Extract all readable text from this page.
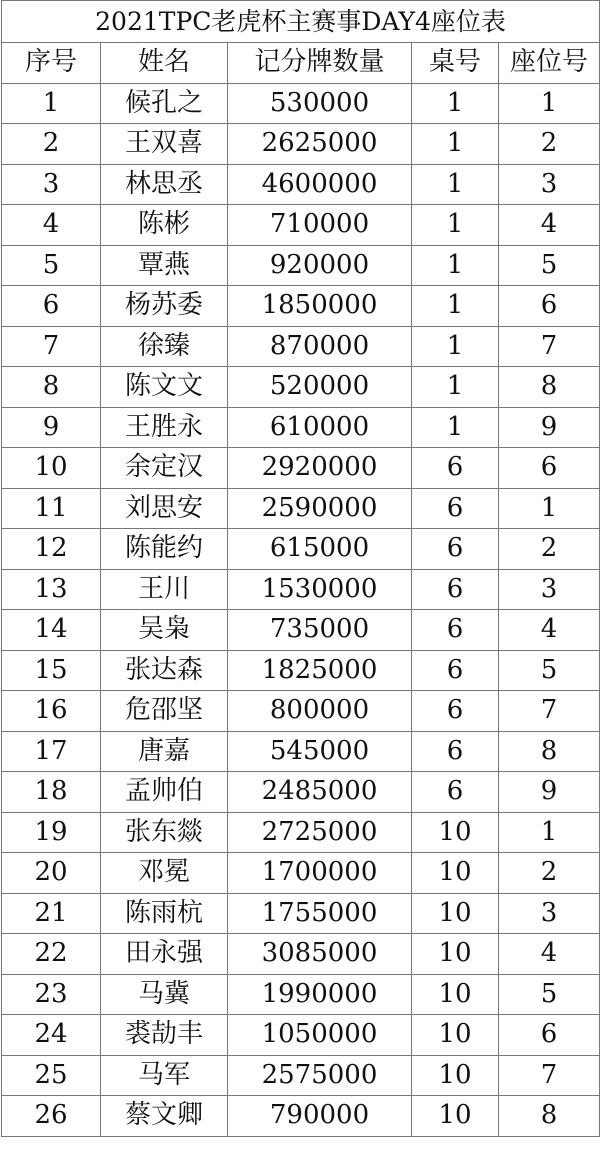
2021TPC老虎杯主赛事DAY4座位表				
序号	姓名	记分牌数量	桌号	座位号
1	候孔之	530000	1	1
2	王双喜	2625000	1	2
3	林思丞	4600000	1	3
4	陈彬	710000	1	4
5	覃燕	920000	1	5
6	杨苏委	1850000	1	6
7	徐臻	870000	1	7
8	陈文文	520000	1	8
9	王胜永	610000	1	9
10	余定汉	2920000	6	6
11	刘思安	2590000	6	1
12	陈能约	615000	6	2
13	王川	1530000	6	3
14	吴枭	735000	6	4
15	张达森	1825000	6	5
16	危邵坚	800000	6	7
17	唐嘉	545000	6	8
18	孟帅伯	2485000	6	9
19	张东燚	2725000	10	1
20	邓冕	1700000	10	2
21	陈雨杭	1755000	10	3
22	田永强	3085000	10	4
23	马冀	1990000	10	5
24	裘劼丰	1050000	10	6
25	马军	2575000	10	7
26	蔡文卿	790000	10	8
